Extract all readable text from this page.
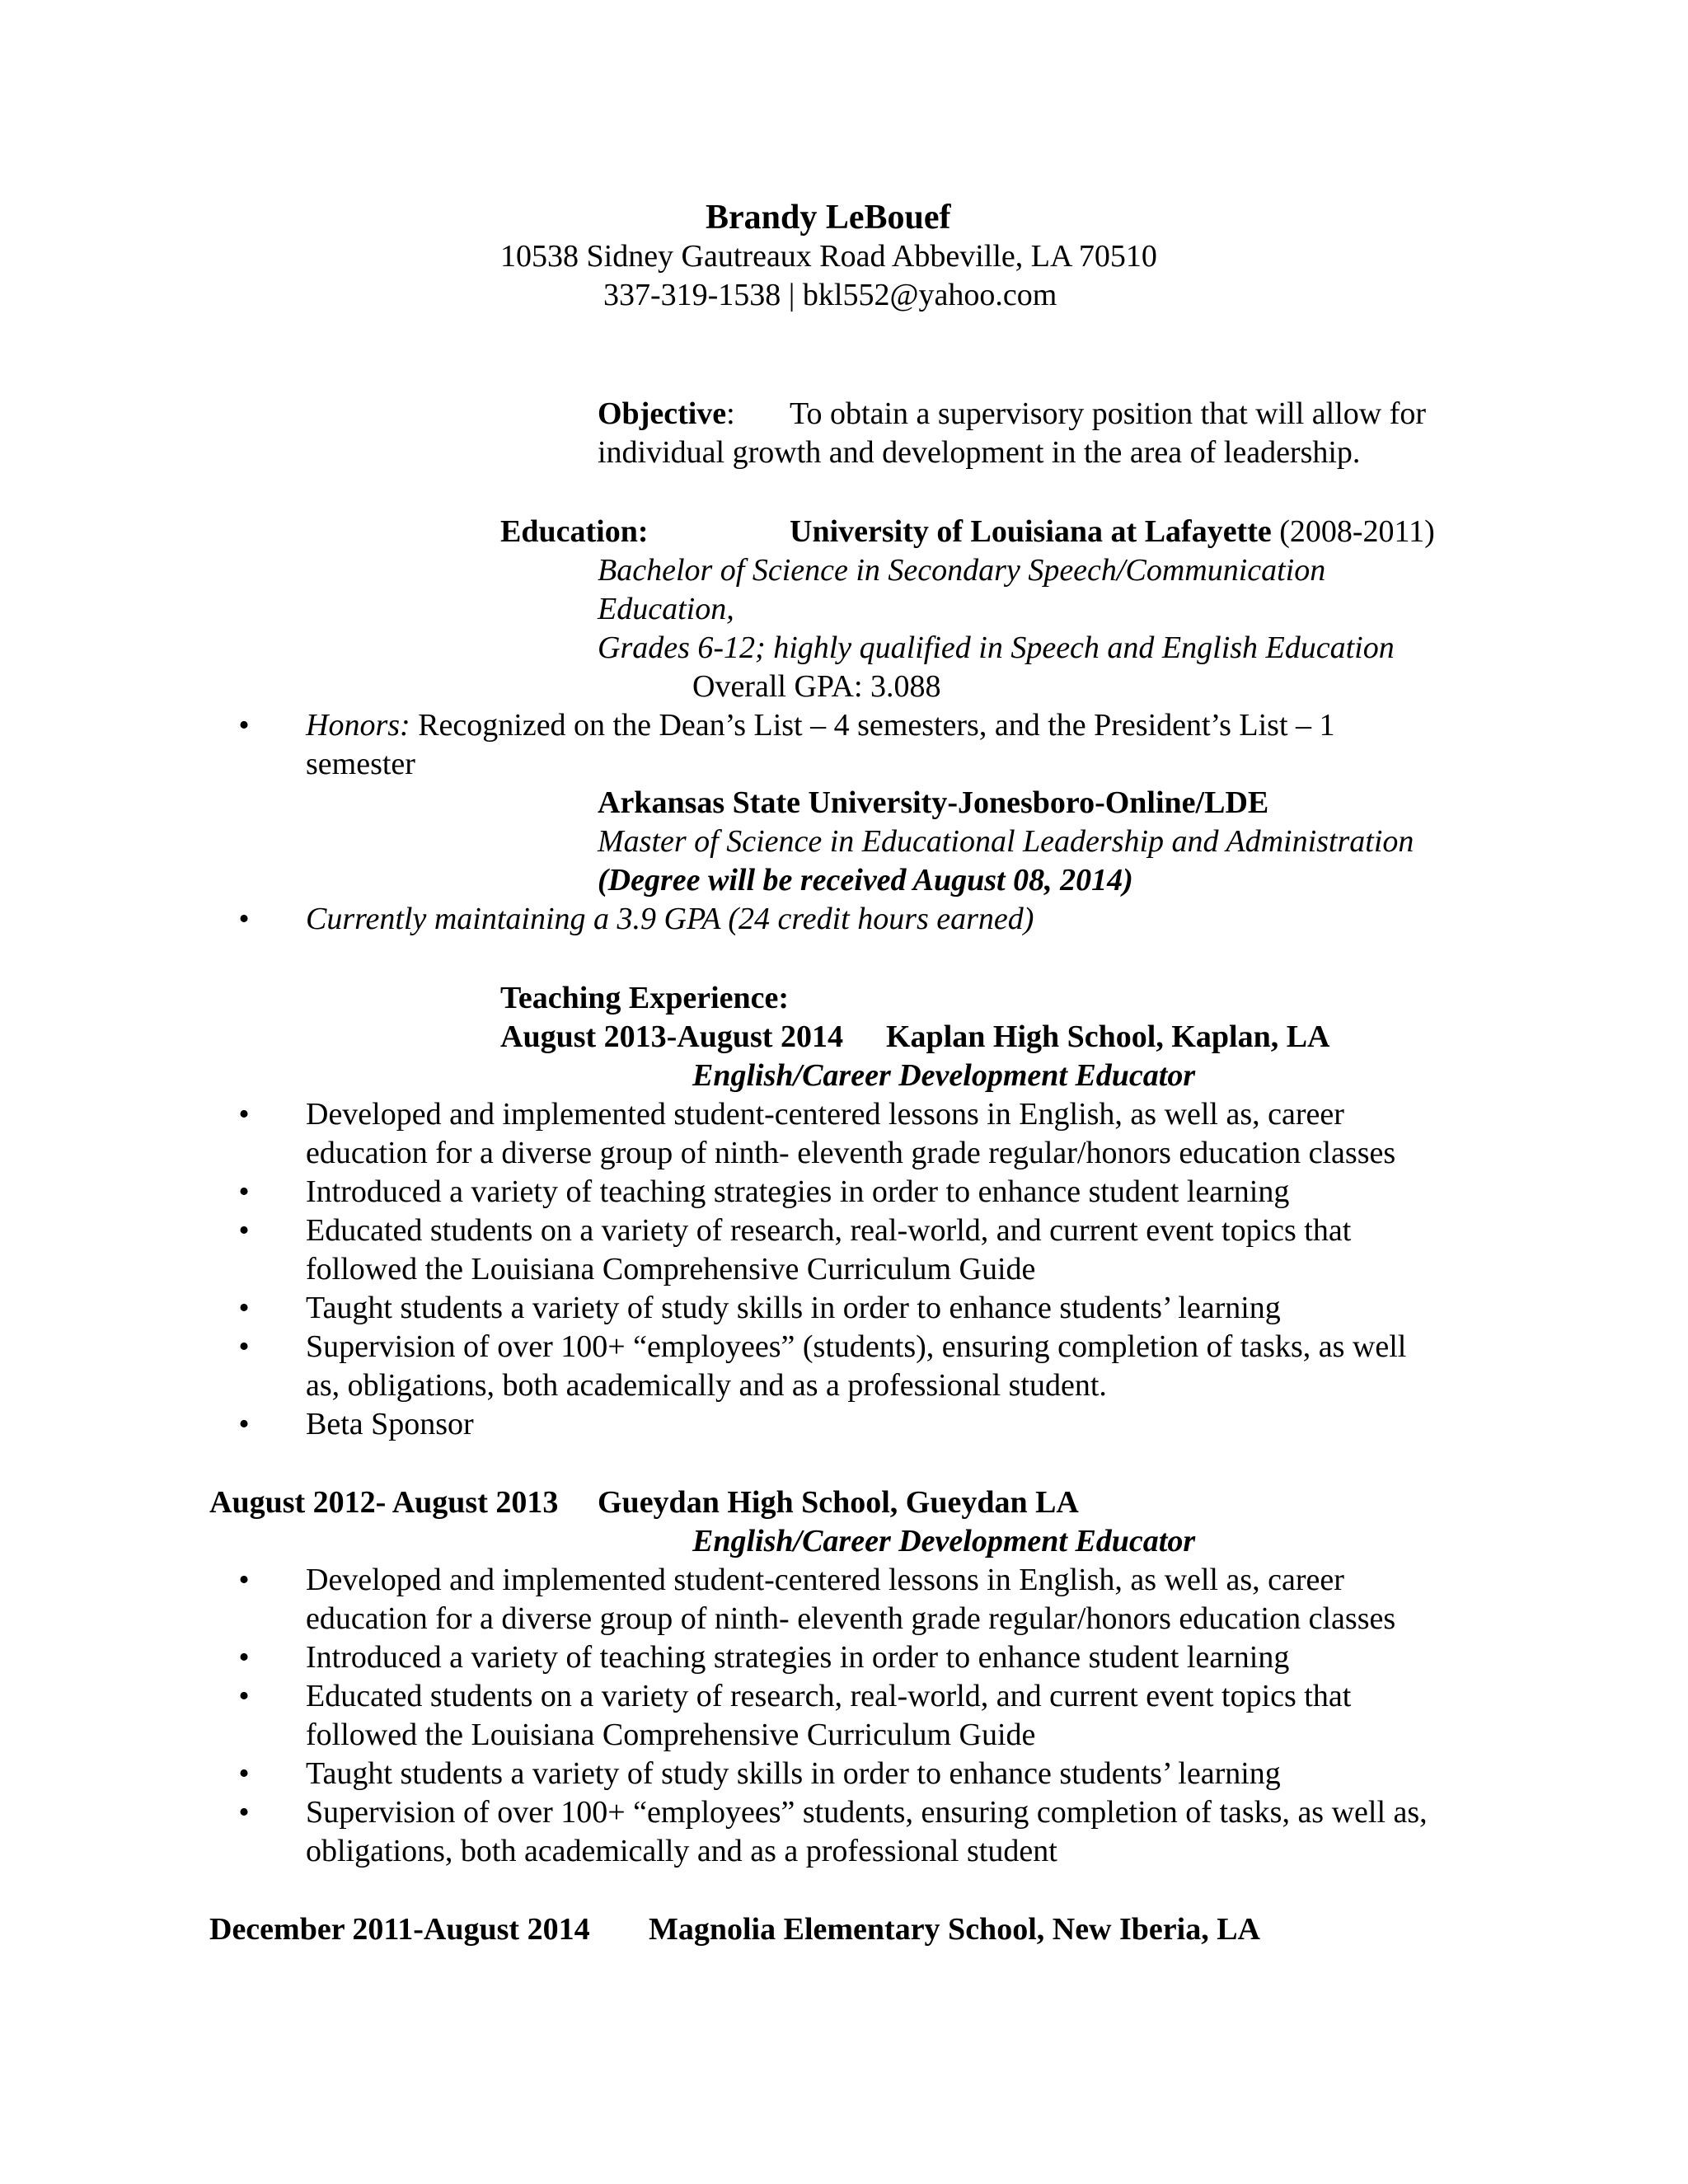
Brandy LeBouef
10538 Sidney Gautreaux Road Abbeville, LA 70510
337-319-1538 | bkl552@yahoo.com
Objective: To obtain a supervisory position that will allow for
individual growth and development in the area of leadership.
Education:	University of Louisiana at Lafayette (2008-2011)
Bachelor of Science in Secondary Speech/Communication
Education,
Grades 6-12; highly qualified in Speech and English Education
Overall GPA: 3.088
• Honors: Recognized on the Dean’s List – 4 semesters, and the President’s List – 1
semester
Arkansas State University-Jonesboro-Online/LDE
Master of Science in Educational Leadership and Administration
(Degree will be received August 08, 2014)
• Currently maintaining a 3.9 GPA (24 credit hours earned)
Teaching Experience:
August 2013-August 2014 Kaplan High School, Kaplan, LA
English/Career Development Educator
• Developed and implemented student-centered lessons in English, as well as, career
education for a diverse group of ninth- eleventh grade regular/honors education classes
• Introduced a variety of teaching strategies in order to enhance student learning
• Educated students on a variety of research, real-world, and current event topics that
followed the Louisiana Comprehensive Curriculum Guide
• Taught students a variety of study skills in order to enhance students’ learning
• Supervision of over 100+ “employees” (students), ensuring completion of tasks, as well
as, obligations, both academically and as a professional student.
• Beta Sponsor
August 2012- August 2013 Gueydan High School, Gueydan LA
English/Career Development Educator
• Developed and implemented student-centered lessons in English, as well as, career
education for a diverse group of ninth- eleventh grade regular/honors education classes
• Introduced a variety of teaching strategies in order to enhance student learning
• Educated students on a variety of research, real-world, and current event topics that
followed the Louisiana Comprehensive Curriculum Guide
• Taught students a variety of study skills in order to enhance students’ learning
• Supervision of over 100+ “employees” students, ensuring completion of tasks, as well as,
obligations, both academically and as a professional student
December 2011-August 2014 Magnolia Elementary School, New Iberia, LA
